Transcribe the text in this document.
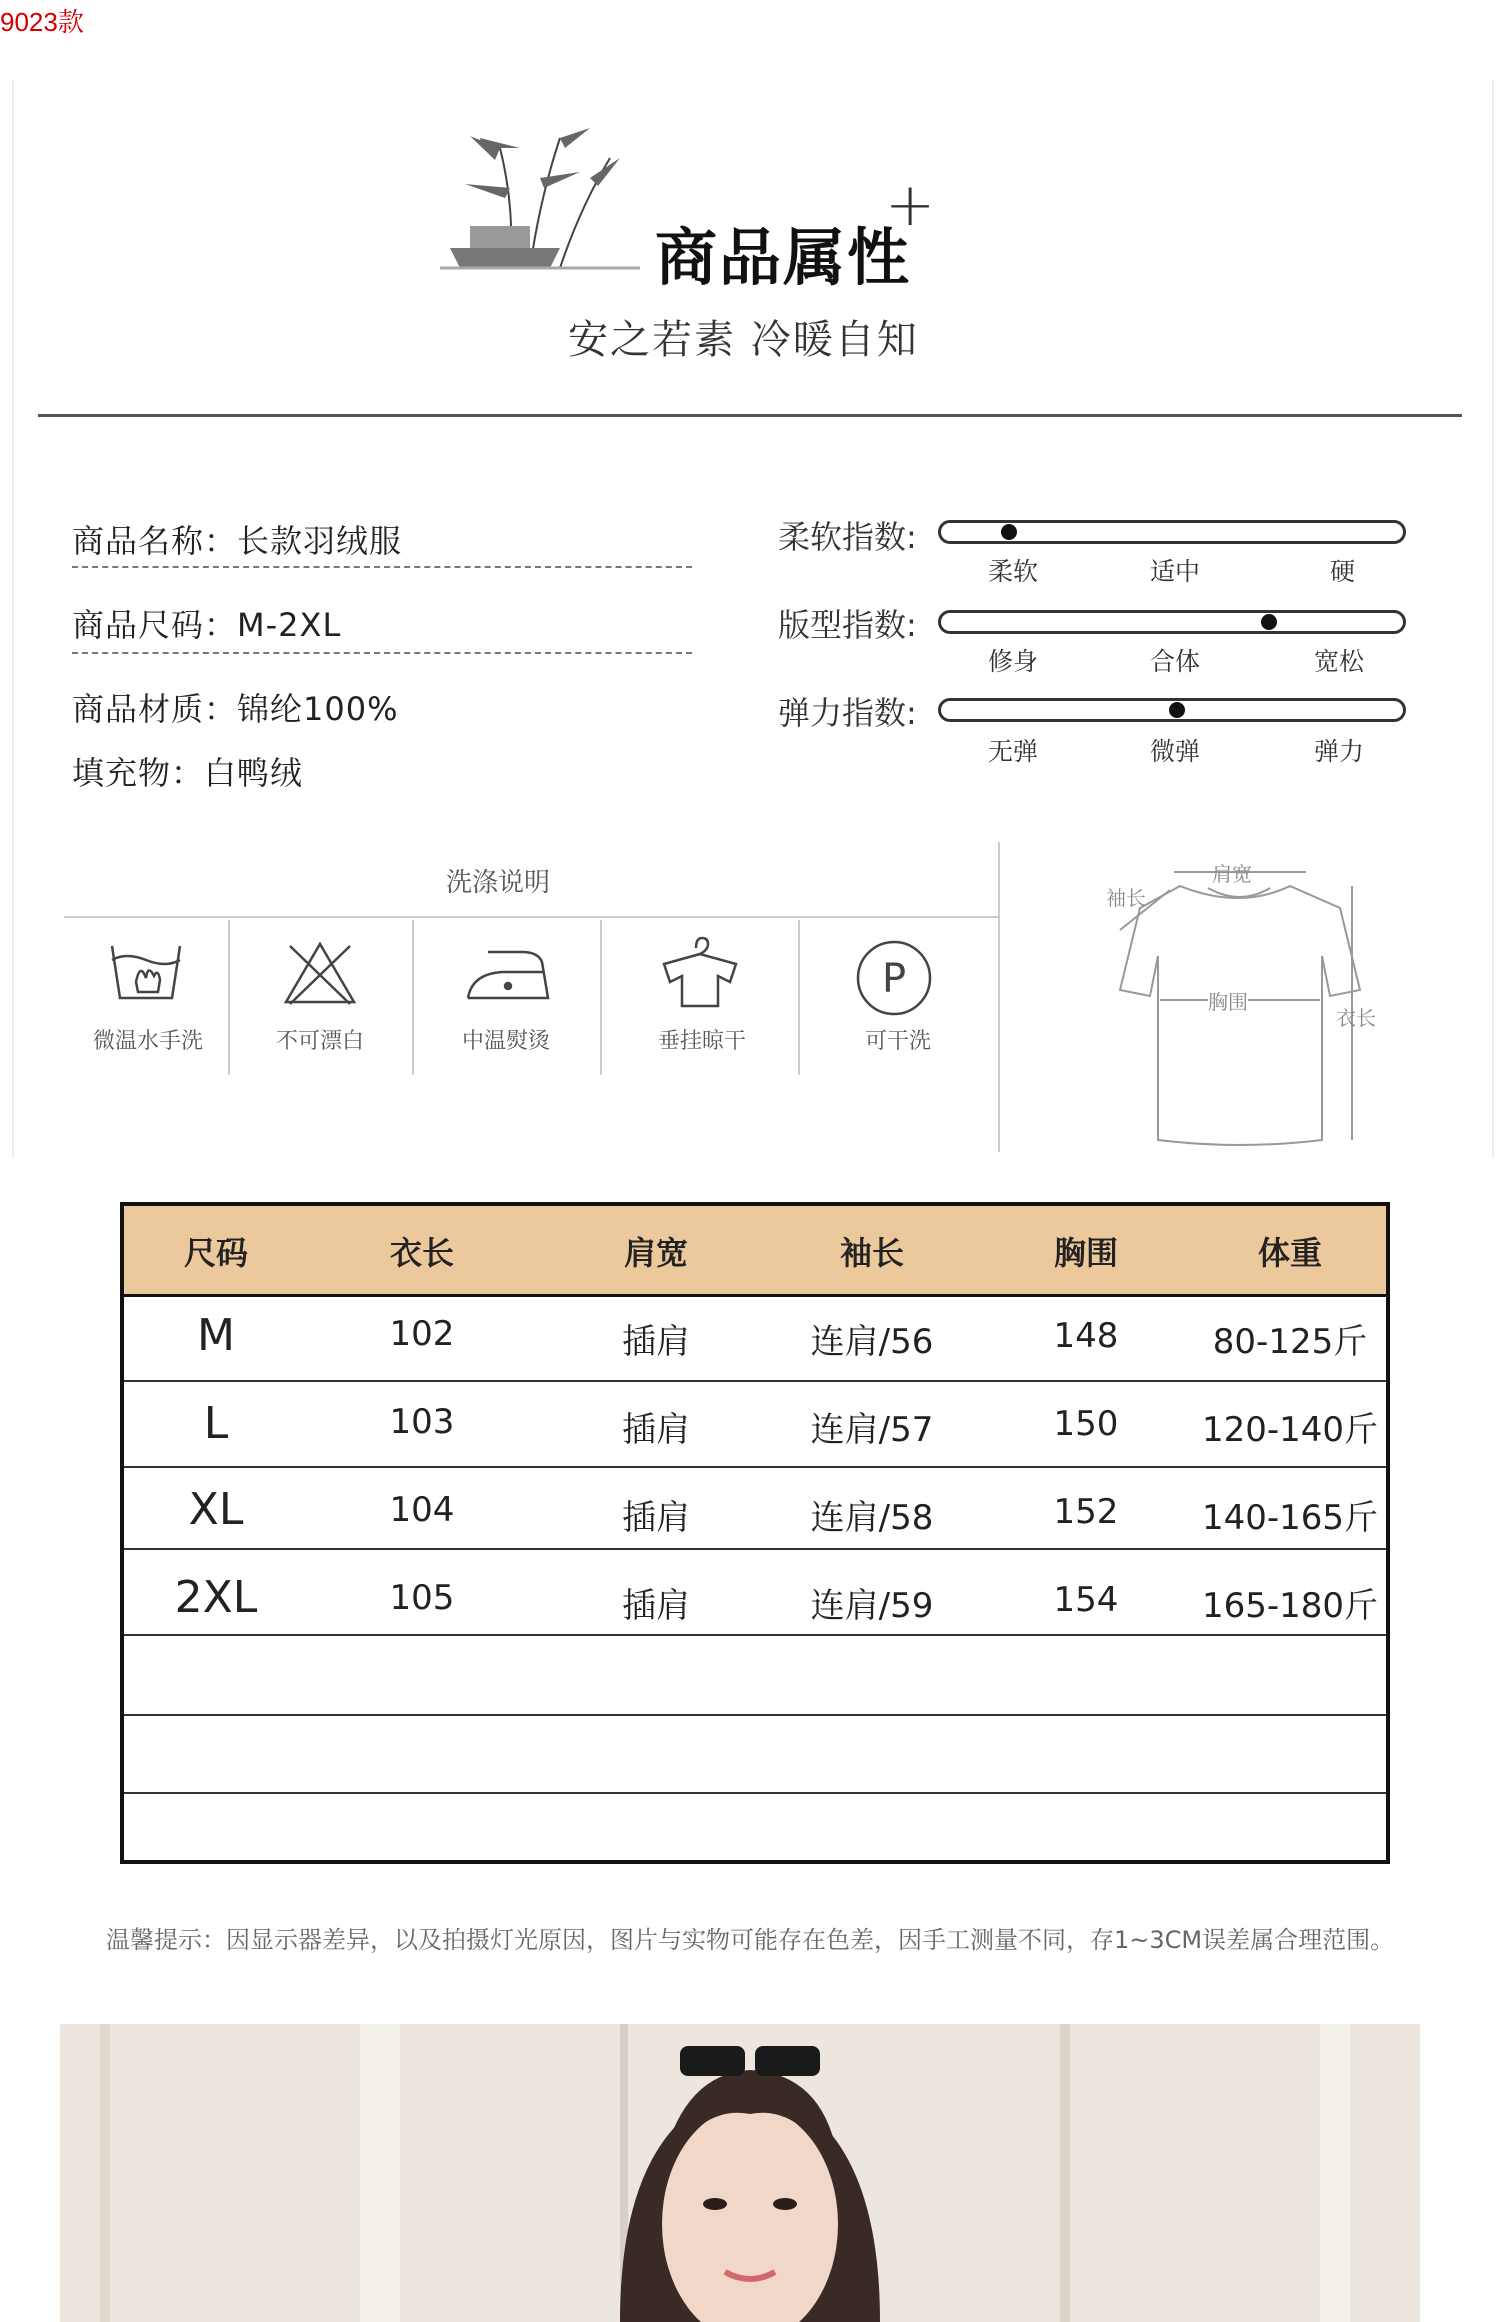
9023款
商品属性
+
安之若素 冷暖自知
商品名称：长款羽绒服
商品尺码：M-2XL
商品材质：锦纶100%
填充物：白鸭绒
柔软指数:
柔软	适中	硬
版型指数:
修身	合体	宽松
弹力指数:
无弹	微弹	弹力
洗涤说明
微温水手洗	不可漂白	中温熨烫	垂挂晾干
P
可干洗
肩宽
袖长
胸围
衣长
尺码	衣长	肩宽	袖长	胸围	体重
M	102	插肩	连肩/56	148	80-125斤
L	103	插肩	连肩/57	150	120-140斤
XL	104	插肩	连肩/58	152	140-165斤
2XL	105	插肩	连肩/59	154	165-180斤
温馨提示：因显示器差异，以及拍摄灯光原因，图片与实物可能存在色差，因手工测量不同，存1~3CM误差属合理范围。
